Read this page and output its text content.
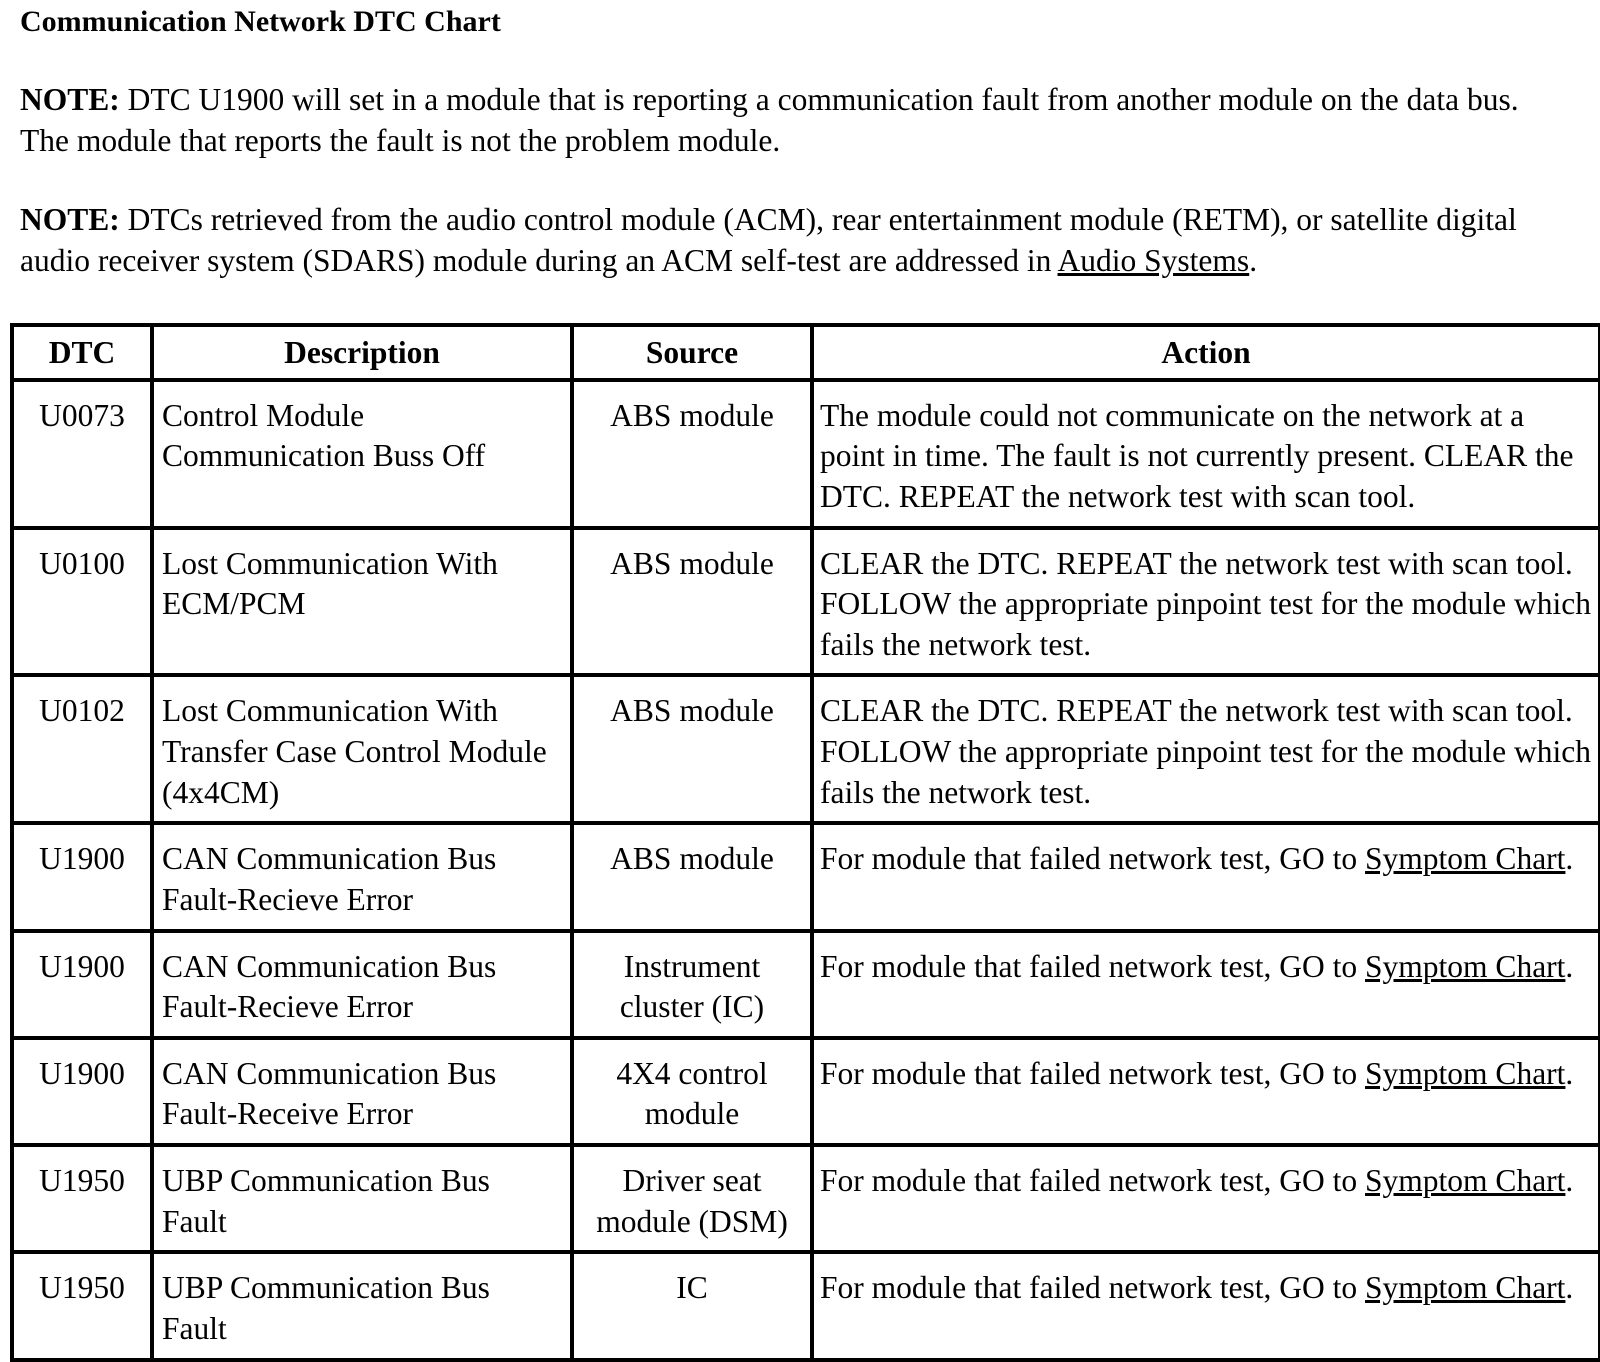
Communication Network DTC Chart
NOTE: DTC U1900 will set in a module that is reporting a communication fault from another module on the data bus. The module that reports the fault is not the problem module.
NOTE: DTCs retrieved from the audio control module (ACM), rear entertainment module (RETM), or satellite digital audio receiver system (SDARS) module during an ACM self-test are addressed in Audio Systems.
DTC	Description	Source	Action
U0073	Control Module Communication Buss Off	ABS module	The module could not communicate on the network at a point in time. The fault is not currently present. CLEAR the DTC. REPEAT the network test with scan tool.
U0100	Lost Communication With ECM/PCM	ABS module	CLEAR the DTC. REPEAT the network test with scan tool. FOLLOW the appropriate pinpoint test for the module which fails the network test.
U0102	Lost Communication With Transfer Case Control Module (4x4CM)	ABS module	CLEAR the DTC. REPEAT the network test with scan tool. FOLLOW the appropriate pinpoint test for the module which fails the network test.
U1900	CAN Communication Bus Fault-Recieve Error	ABS module	For module that failed network test, GO to Symptom Chart.
U1900	CAN Communication Bus Fault-Recieve Error	Instrument cluster (IC)	For module that failed network test, GO to Symptom Chart.
U1900	CAN Communication Bus Fault-Receive Error	4X4 control module	For module that failed network test, GO to Symptom Chart.
U1950	UBP Communication Bus Fault	Driver seat module (DSM)	For module that failed network test, GO to Symptom Chart.
U1950	UBP Communication Bus Fault	IC	For module that failed network test, GO to Symptom Chart.
